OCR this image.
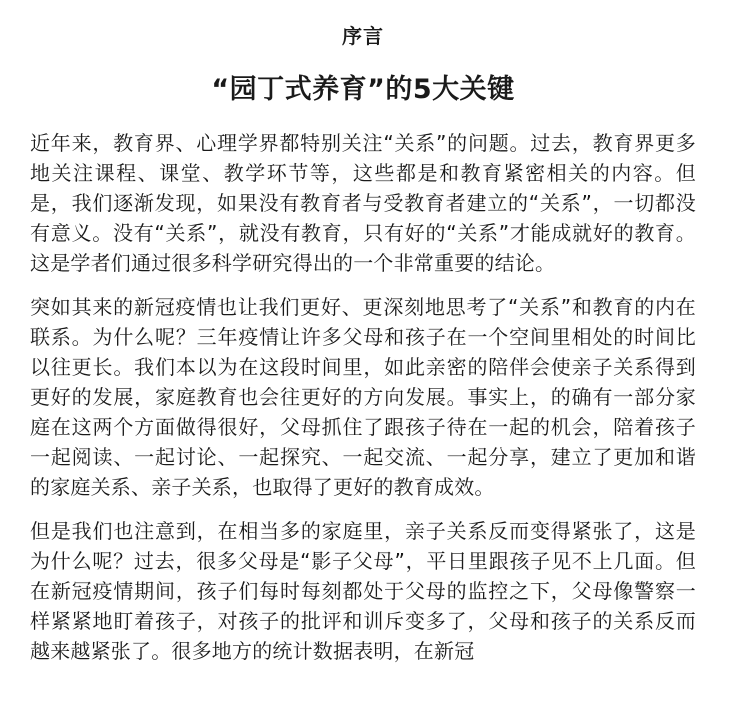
序言
“园丁式养育”的5大关键

近年来，教育界、心理学界都特别关注“关系”的问题。过去，教育界更多地关注课程、课堂、教学环节等，这些都是和教育紧密相关的内容。但是，我们逐渐发现，如果没有教育者与受教育者建立的“关系”，一切都没有意义。没有“关系”，就没有教育，只有好的“关系”才能成就好的教育。这是学者们通过很多科学研究得出的一个非常重要的结论。

突如其来的新冠疫情也让我们更好、更深刻地思考了“关系”和教育的内在联系。为什么呢？三年疫情让许多父母和孩子在一个空间里相处的时间比以往更长。我们本以为在这段时间里，如此亲密的陪伴会使亲子关系得到更好的发展，家庭教育也会往更好的方向发展。事实上，的确有一部分家庭在这两个方面做得很好，父母抓住了跟孩子待在一起的机会，陪着孩子一起阅读、一起讨论、一起探究、一起交流、一起分享，建立了更加和谐的家庭关系、亲子关系，也取得了更好的教育成效。

但是我们也注意到，在相当多的家庭里，亲子关系反而变得紧张了，这是为什么呢？过去，很多父母是“影子父母”，平日里跟孩子见不上几面。但在新冠疫情期间，孩子们每时每刻都处于父母的监控之下，父母像警察一样紧紧地盯着孩子，对孩子的批评和训斥变多了，父母和孩子的关系反而越来越紧张了。很多地方的统计数据表明，在新冠
